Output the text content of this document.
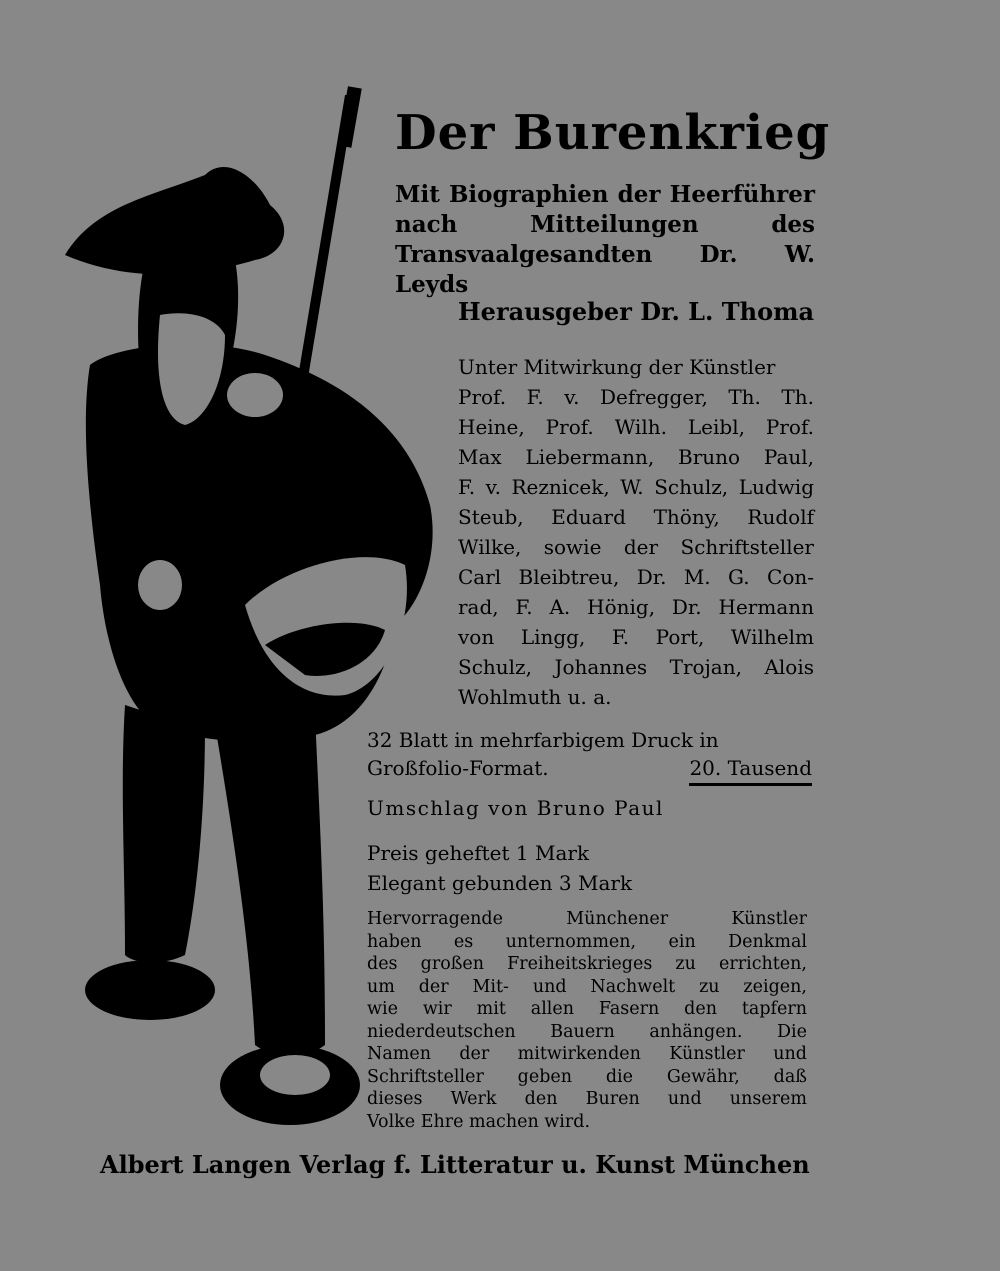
Der Burenkrieg
Mit Biographien der Heerführer nach Mitteilungen des Transvaalgesandten Dr. W. Leyds
Herausgeber Dr. L. Thoma
Unter Mitwirkung der Künstler
Prof. F. v. Defregger, Th. Th.
Heine, Prof. Wilh. Leibl, Prof.
Max Liebermann, Bruno Paul,
F. v. Reznicek, W. Schulz, Ludwig
Steub, Eduard Thöny, Rudolf
Wilke, sowie der Schriftsteller
Carl Bleibtreu, Dr. M. G. Con-
rad, F. A. Hönig, Dr. Hermann
von Lingg, F. Port, Wilhelm
Schulz, Johannes Trojan, Alois
Wohlmuth u. a.
32 Blatt in mehrfarbigem Druck in
Großfolio-Format.	20. Tausend
Umschlag von Bruno Paul
Preis geheftet 1 Mark
Elegant gebunden 3 Mark
Hervorragende Münchener Künstler
haben es unternommen, ein Denkmal
des großen Freiheitskrieges zu errichten,
um der Mit- und Nachwelt zu zeigen,
wie wir mit allen Fasern den tapfern
niederdeutschen Bauern anhängen. Die
Namen der mitwirkenden Künstler und
Schriftsteller geben die Gewähr, daß
dieses Werk den Buren und unserem
Volke Ehre machen wird.
Albert Langen Verlag f. Litteratur u. Kunst München
